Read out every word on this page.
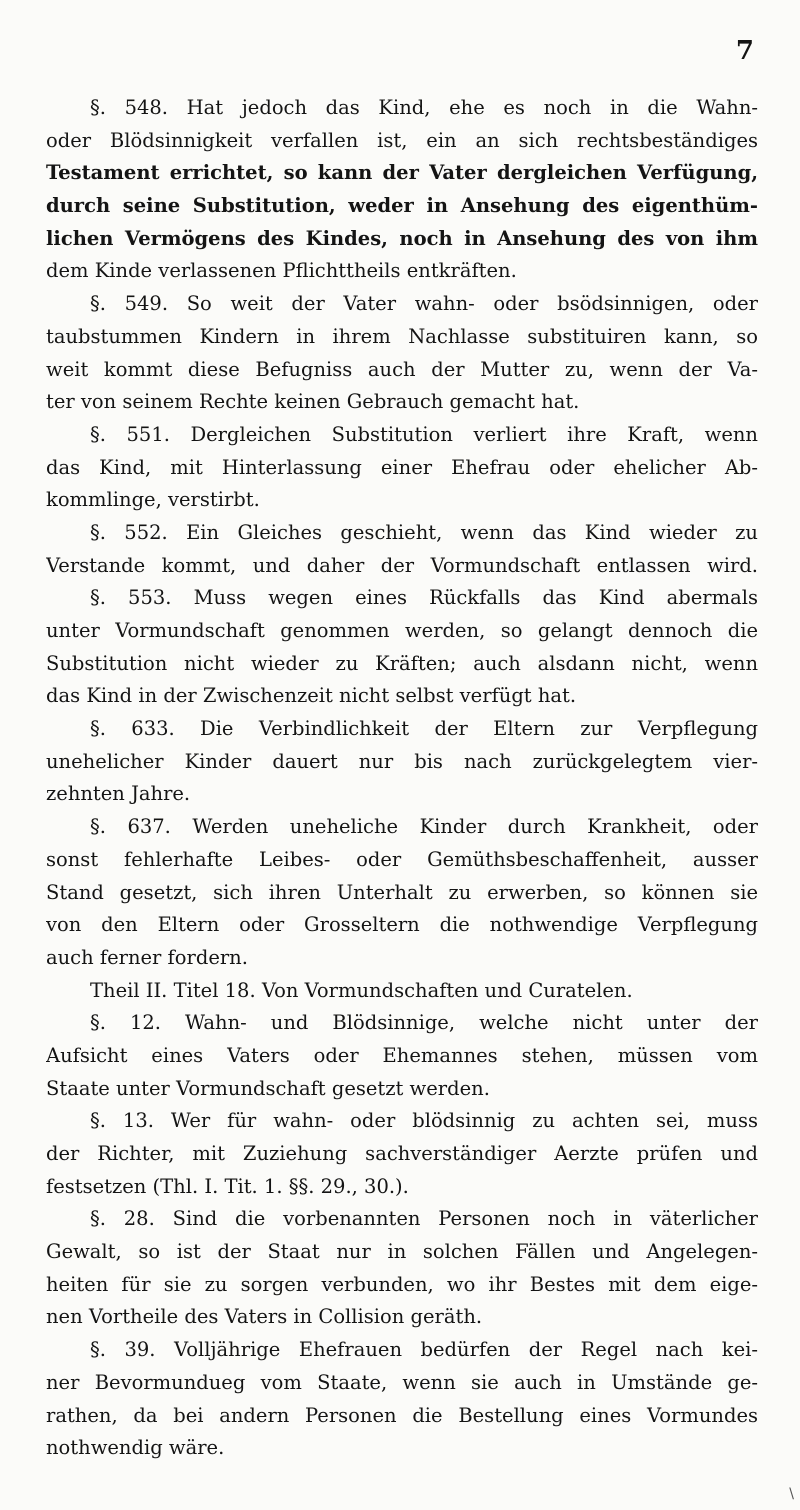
7
§. 548. Hat jedoch das Kind, ehe es noch in die Wahn-
oder Blödsinnigkeit verfallen ist, ein an sich rechtsbeständiges
Testament errichtet, so kann der Vater dergleichen Verfügung,
durch seine Substitution, weder in Ansehung des eigenthüm-
lichen Vermögens des Kindes, noch in Ansehung des von ihm
dem Kinde verlassenen Pflichttheils entkräften.
§. 549. So weit der Vater wahn- oder bsödsinnigen, oder
taubstummen Kindern in ihrem Nachlasse substituiren kann, so
weit kommt diese Befugniss auch der Mutter zu, wenn der Va-
ter von seinem Rechte keinen Gebrauch gemacht hat.
§. 551. Dergleichen Substitution verliert ihre Kraft, wenn
das Kind, mit Hinterlassung einer Ehefrau oder ehelicher Ab-
kommlinge, verstirbt.
§. 552. Ein Gleiches geschieht, wenn das Kind wieder zu
Verstande kommt, und daher der Vormundschaft entlassen wird.
§. 553. Muss wegen eines Rückfalls das Kind abermals
unter Vormundschaft genommen werden, so gelangt dennoch die
Substitution nicht wieder zu Kräften; auch alsdann nicht, wenn
das Kind in der Zwischenzeit nicht selbst verfügt hat.
§. 633. Die Verbindlichkeit der Eltern zur Verpflegung
unehelicher Kinder dauert nur bis nach zurückgelegtem vier-
zehnten Jahre.
§. 637. Werden uneheliche Kinder durch Krankheit, oder
sonst fehlerhafte Leibes- oder Gemüthsbeschaffenheit, ausser
Stand gesetzt, sich ihren Unterhalt zu erwerben, so können sie
von den Eltern oder Grosseltern die nothwendige Verpflegung
auch ferner fordern.
Theil II. Titel 18. Von Vormundschaften und Curatelen.
§. 12. Wahn- und Blödsinnige, welche nicht unter der
Aufsicht eines Vaters oder Ehemannes stehen, müssen vom
Staate unter Vormundschaft gesetzt werden.
§. 13. Wer für wahn- oder blödsinnig zu achten sei, muss
der Richter, mit Zuziehung sachverständiger Aerzte prüfen und
festsetzen (Thl. I. Tit. 1. §§. 29., 30.).
§. 28. Sind die vorbenannten Personen noch in väterlicher
Gewalt, so ist der Staat nur in solchen Fällen und Angelegen-
heiten für sie zu sorgen verbunden, wo ihr Bestes mit dem eige-
nen Vortheile des Vaters in Collision geräth.
§. 39. Volljährige Ehefrauen bedürfen der Regel nach kei-
ner Bevormundueg vom Staate, wenn sie auch in Umstände ge-
rathen, da bei andern Personen die Bestellung eines Vormundes
nothwendig wäre.
\
